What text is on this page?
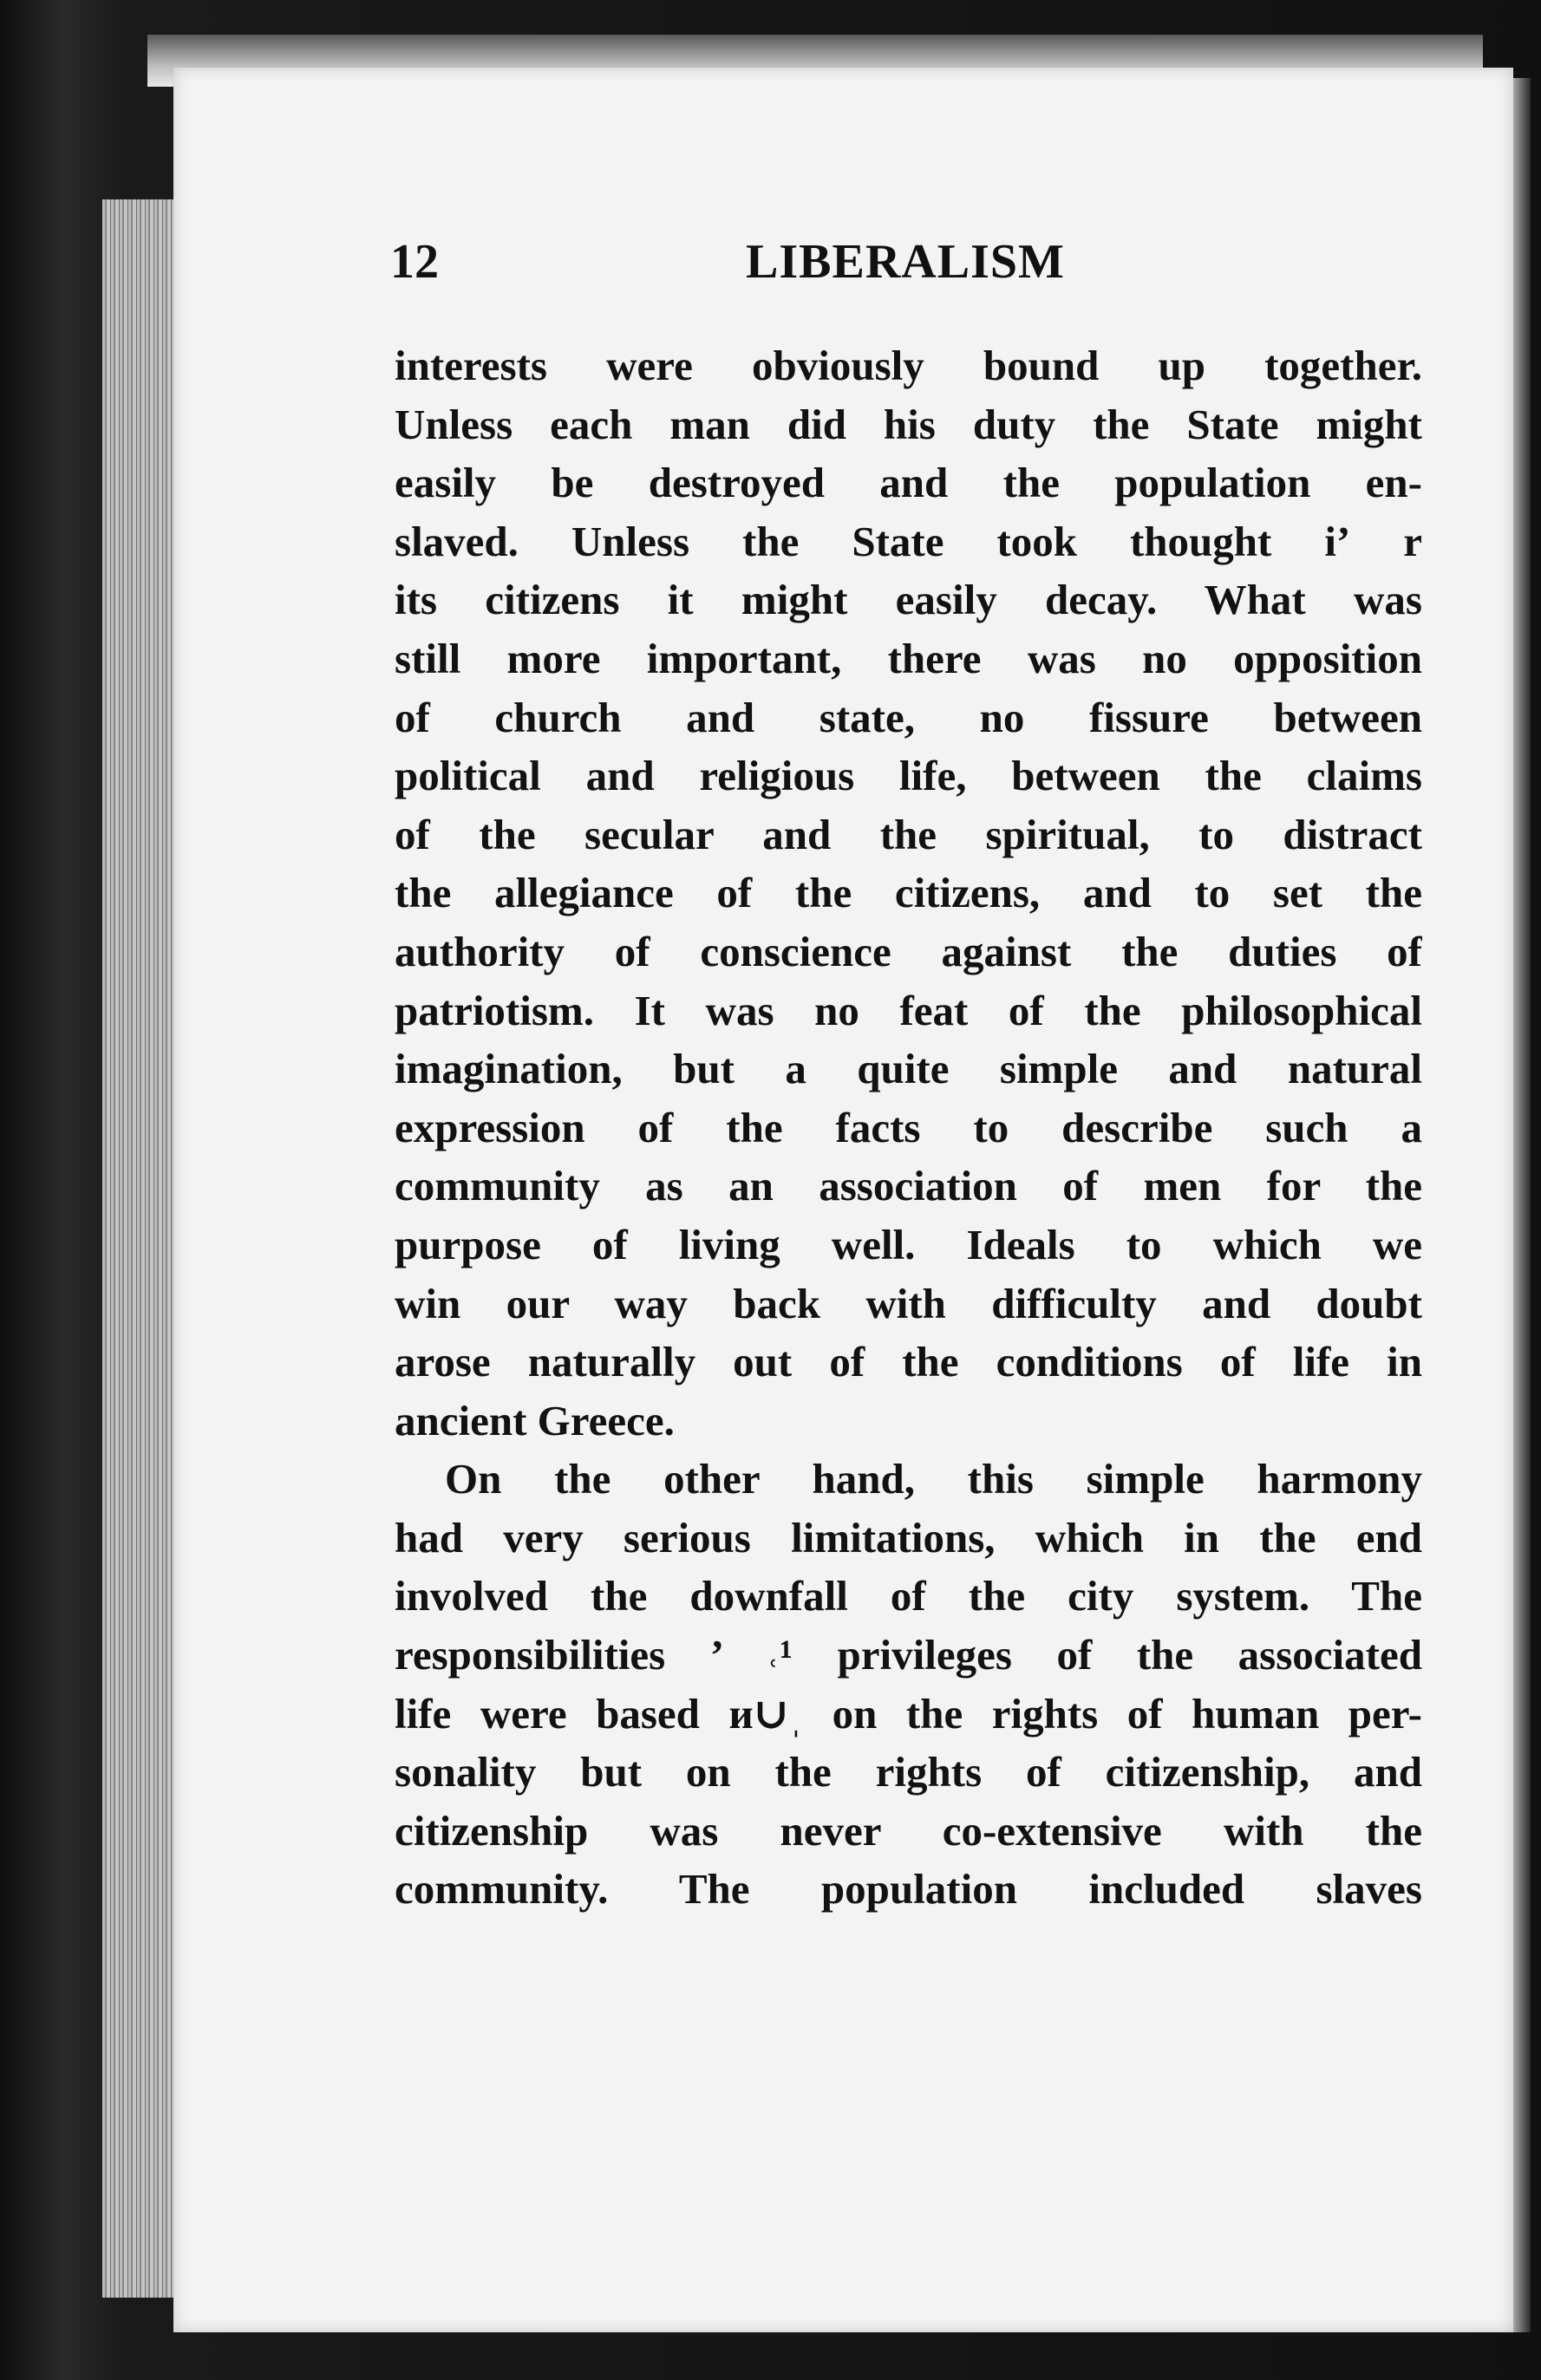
12	LIBERALISM
interests were obviously bound up together.
Unless each man did his duty the State might
easily be destroyed and the population en-
slaved. Unless the State took thought iʼ r
its citizens it might easily decay. What was
still more important, there was no opposition
of church and state, no fissure between
political and religious life, between the claims
of the secular and the spiritual, to distract
the allegiance of the citizens, and to set the
authority of conscience against the duties of
patriotism. It was no feat of the philosophical
imagination, but a quite simple and natural
expression of the facts to describe such a
community as an association of men for the
purpose of living well. Ideals to which we
win our way back with difficulty and doubt
arose naturally out of the conditions of life in
ancient Greece.
On the other hand, this simple harmony
had very serious limitations, which in the end
involved the downfall of the city system. The
responsibilities ’ ˓¹ privileges of the associated
life were based и∪ˌ on the rights of human per-
sonality but on the rights of citizenship, and
citizenship was never co-extensive with the
community. The population included slaves
